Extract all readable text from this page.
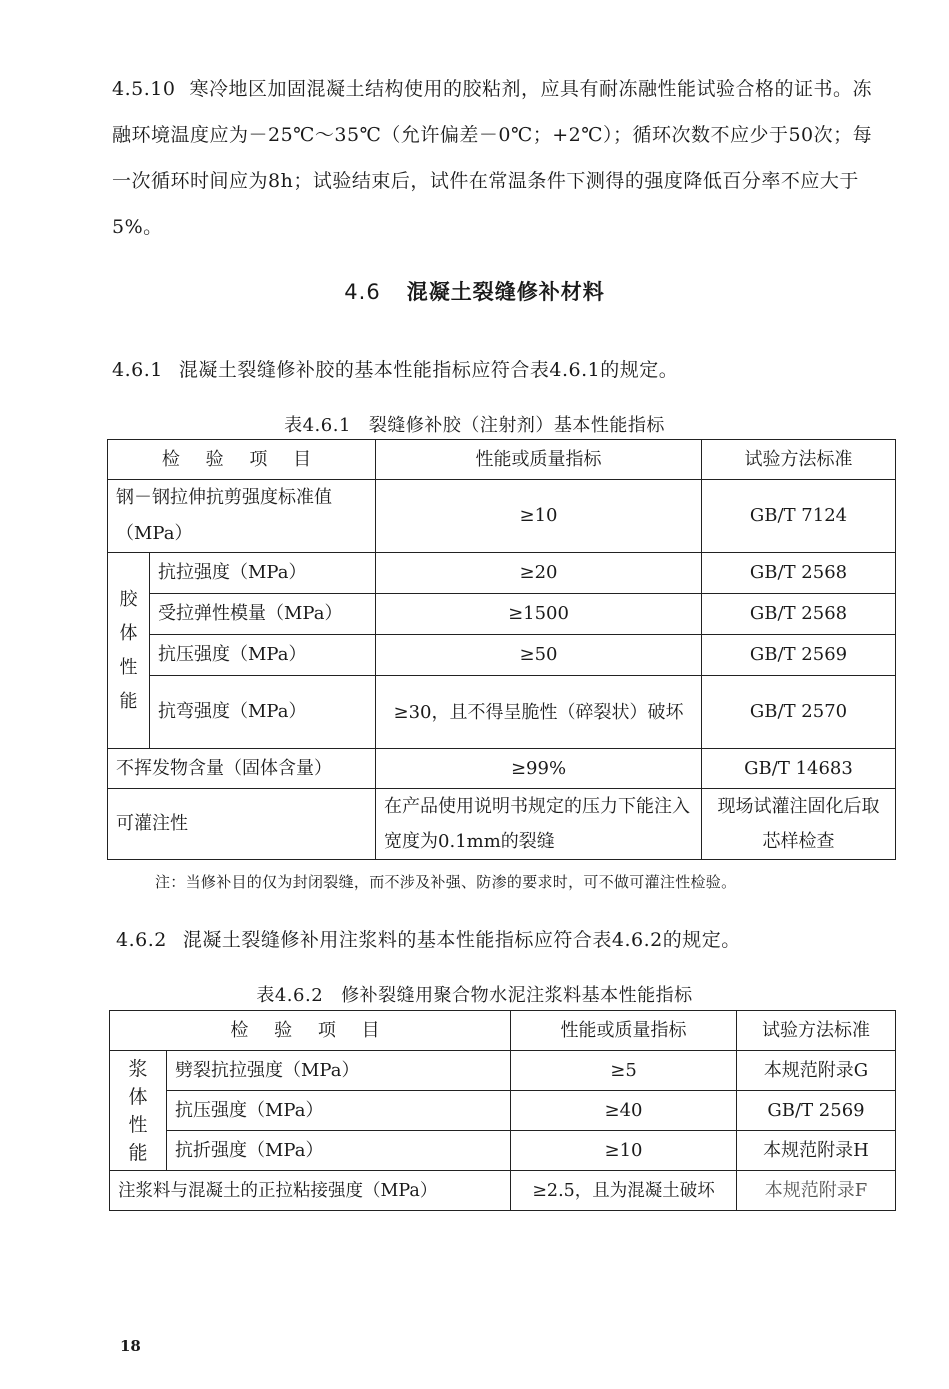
4.5.10 寒冷地区加固混凝土结构使用的胶粘剂，应具有耐冻融性能试验合格的证书。冻融环境温度应为－25℃～35℃（允许偏差－0℃；+2℃）；循环次数不应少于50次；每一次循环时间应为8h；试验结束后，试件在常温条件下测得的强度降低百分率不应大于5%。
4.6 混凝土裂缝修补材料
4.6.1 混凝土裂缝修补胶的基本性能指标应符合表4.6.1的规定。
表4.6.1 裂缝修补胶（注射剂）基本性能指标
检 验 项 目		性能或质量指标	试验方法标准
钢－钢拉伸抗剪强度标准值（MPa）		≥10	GB/T 7124

胶体性能	抗拉强度（MPa）	≥20	GB/T 2568
	受拉弹性模量（MPa）	≥1500	GB/T 2568
	抗压强度（MPa）	≥50	GB/T 2569
	抗弯强度（MPa）	≥30，且不得呈脆性（碎裂状）破坏	GB/T 2570
不挥发物含量（固体含量）		≥99%	GB/T 14683
可灌注性		在产品使用说明书规定的压力下能注入宽度为0.1mm的裂缝	现场试灌注固化后取芯样检查
注：当修补目的仅为封闭裂缝，而不涉及补强、防渗的要求时，可不做可灌注性检验。
4.6.2 混凝土裂缝修补用注浆料的基本性能指标应符合表4.6.2的规定。
表4.6.2 修补裂缝用聚合物水泥注浆料基本性能指标
检 验 项 目		性能或质量指标	试验方法标准

浆体性能	劈裂抗拉强度（MPa）	≥5	本规范附录G
	抗压强度（MPa）	≥40	GB/T 2569
	抗折强度（MPa）	≥10	本规范附录H
注浆料与混凝土的正拉粘接强度（MPa）		≥2.5，且为混凝土破坏	本规范附录F
18
